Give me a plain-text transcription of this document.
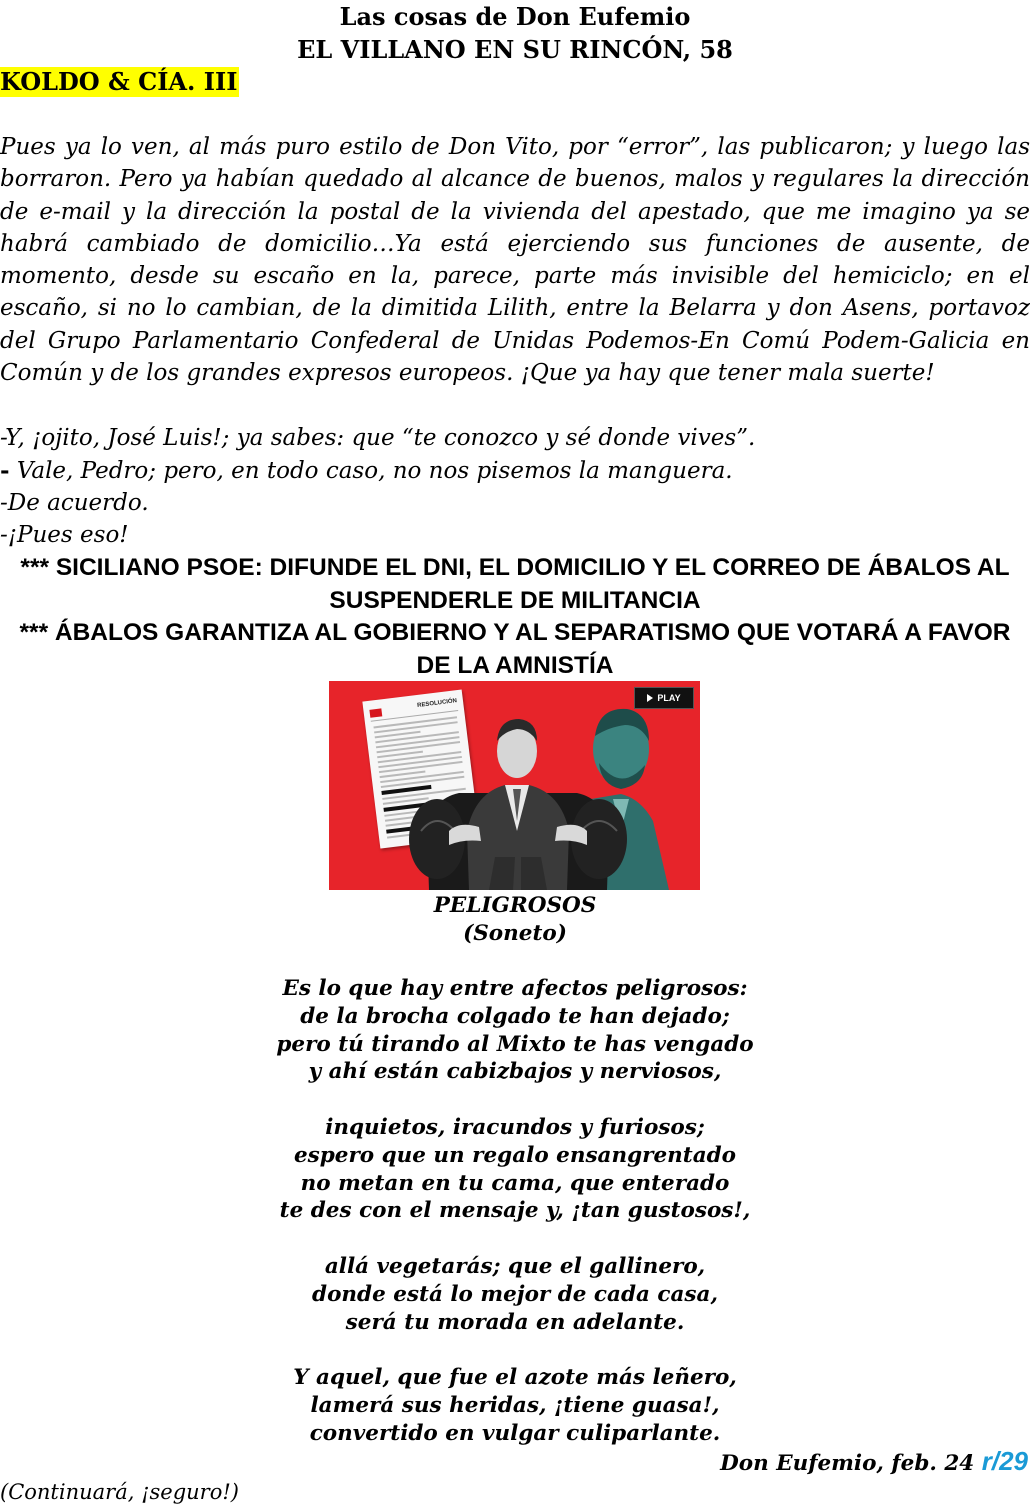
Las cosas de Don Eufemio
EL VILLANO EN SU RINCÓN, 58
KOLDO & CÍA. III
Pues ya lo ven, al más puro estilo de Don Vito, por “error”, las publicaron; y luego las borraron. Pero ya habían quedado al alcance de buenos, malos y regulares la dirección de e-mail y la dirección la postal de la vivienda del apestado, que me imagino ya se habrá cambiado de domicilio…Ya está ejerciendo sus funciones de ausente, de momento, desde su escaño en la, parece, parte más invisible del hemiciclo; en el escaño, si no lo cambian, de la dimitida Lilith, entre la Belarra y don Asens, portavoz del Grupo Parlamentario Confederal de Unidas Podemos-En Comú Podem-Galicia en Común y de los grandes expresos europeos. ¡Que ya hay que tener mala suerte!
-Y, ¡ojito, José Luis!; ya sabes: que “te conozco y sé donde vives”.
- Vale, Pedro; pero, en todo caso, no nos pisemos la manguera.
-De acuerdo.
-¡Pues eso!
*** SICILIANO PSOE: DIFUNDE EL DNI, EL DOMICILIO Y EL CORREO DE ÁBALOS AL SUSPENDERLE DE MILITANCIA
*** ÁBALOS GARANTIZA AL GOBIERNO Y AL SEPARATISMO QUE VOTARÁ A FAVOR DE LA AMNISTÍA
RESOLUCIÓN
PLAY
PELIGROSOS
(Soneto)
Es lo que hay entre afectos peligrosos:
de la brocha colgado te han dejado;
pero tú tirando al Mixto te has vengado
y ahí están cabizbajos y nerviosos,
inquietos, iracundos y furiosos;
espero que un regalo ensangrentado
no metan en tu cama, que enterado
te des con el mensaje y, ¡tan gustosos!,
allá vegetarás; que el gallinero,
donde está lo mejor de cada casa,
será tu morada en adelante.
Y aquel, que fue el azote más leñero,
lamerá sus heridas, ¡tiene guasa!,
convertido en vulgar culiparlante.
Don Eufemio, feb. 24 r/29
(Continuará, ¡seguro!)
